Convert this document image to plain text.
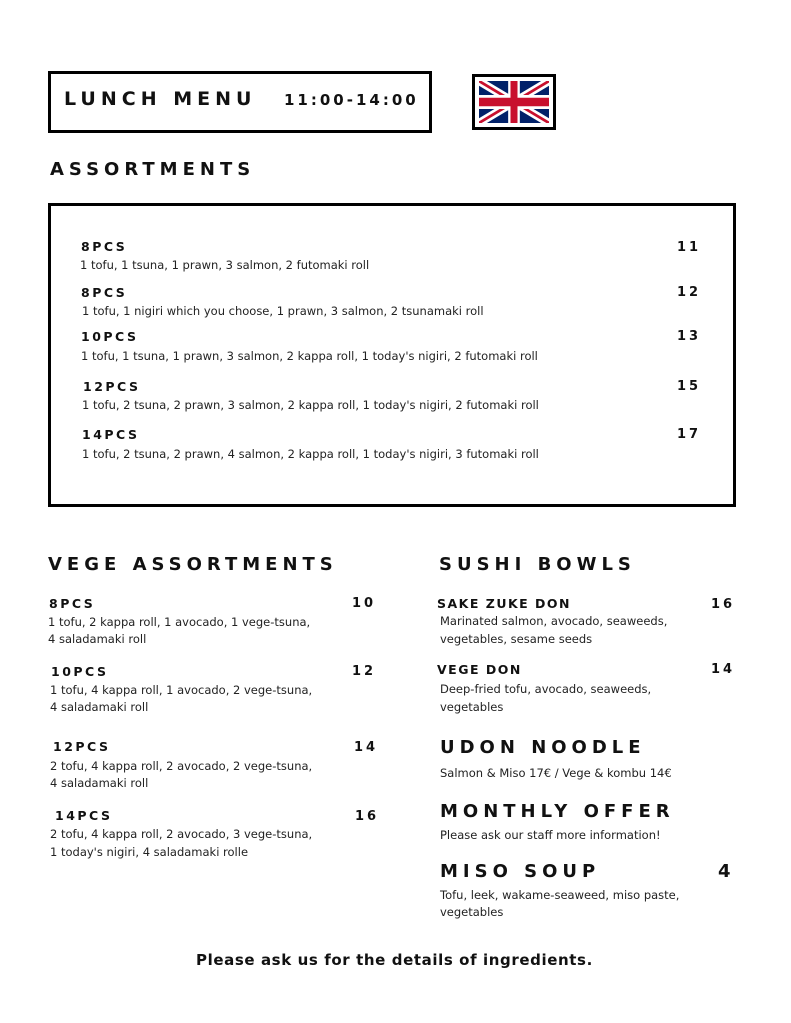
LUNCH MENU 11:00-14:00
ASSORTMENTS
8PCS	11
1 tofu, 1 tsuna, 1 prawn, 3 salmon, 2 futomaki roll
8PCS	12
1 tofu, 1 nigiri which you choose, 1 prawn, 3 salmon, 2 tsunamaki roll
10PCS	13
1 tofu, 1 tsuna, 1 prawn, 3 salmon, 2 kappa roll, 1 today's nigiri, 2 futomaki roll
12PCS	15
1 tofu, 2 tsuna, 2 prawn, 3 salmon, 2 kappa roll, 1 today's nigiri, 2 futomaki roll
14PCS	17
1 tofu, 2 tsuna, 2 prawn, 4 salmon, 2 kappa roll, 1 today's nigiri, 3 futomaki roll
VEGE ASSORTMENTS
8PCS	10
1 tofu, 2 kappa roll, 1 avocado, 1 vege-tsuna,
4 saladamaki roll
10PCS	12
1 tofu, 4 kappa roll, 1 avocado, 2 vege-tsuna,
4 saladamaki roll
12PCS	14
2 tofu, 4 kappa roll, 2 avocado, 2 vege-tsuna,
4 saladamaki roll
14PCS	16
2 tofu, 4 kappa roll, 2 avocado, 3 vege-tsuna,
1 today's nigiri, 4 saladamaki rolle
SUSHI BOWLS
SAKE ZUKE DON	16
Marinated salmon, avocado, seaweeds,
vegetables, sesame seeds
VEGE DON	14
Deep-fried tofu, avocado, seaweeds,
vegetables
UDON NOODLE
Salmon & Miso 17€ / Vege & kombu 14€
MONTHLY OFFER
Please ask our staff more information!
MISO SOUP	4
Tofu, leek, wakame-seaweed, miso paste,
vegetables
Please ask us for the details of ingredients.
